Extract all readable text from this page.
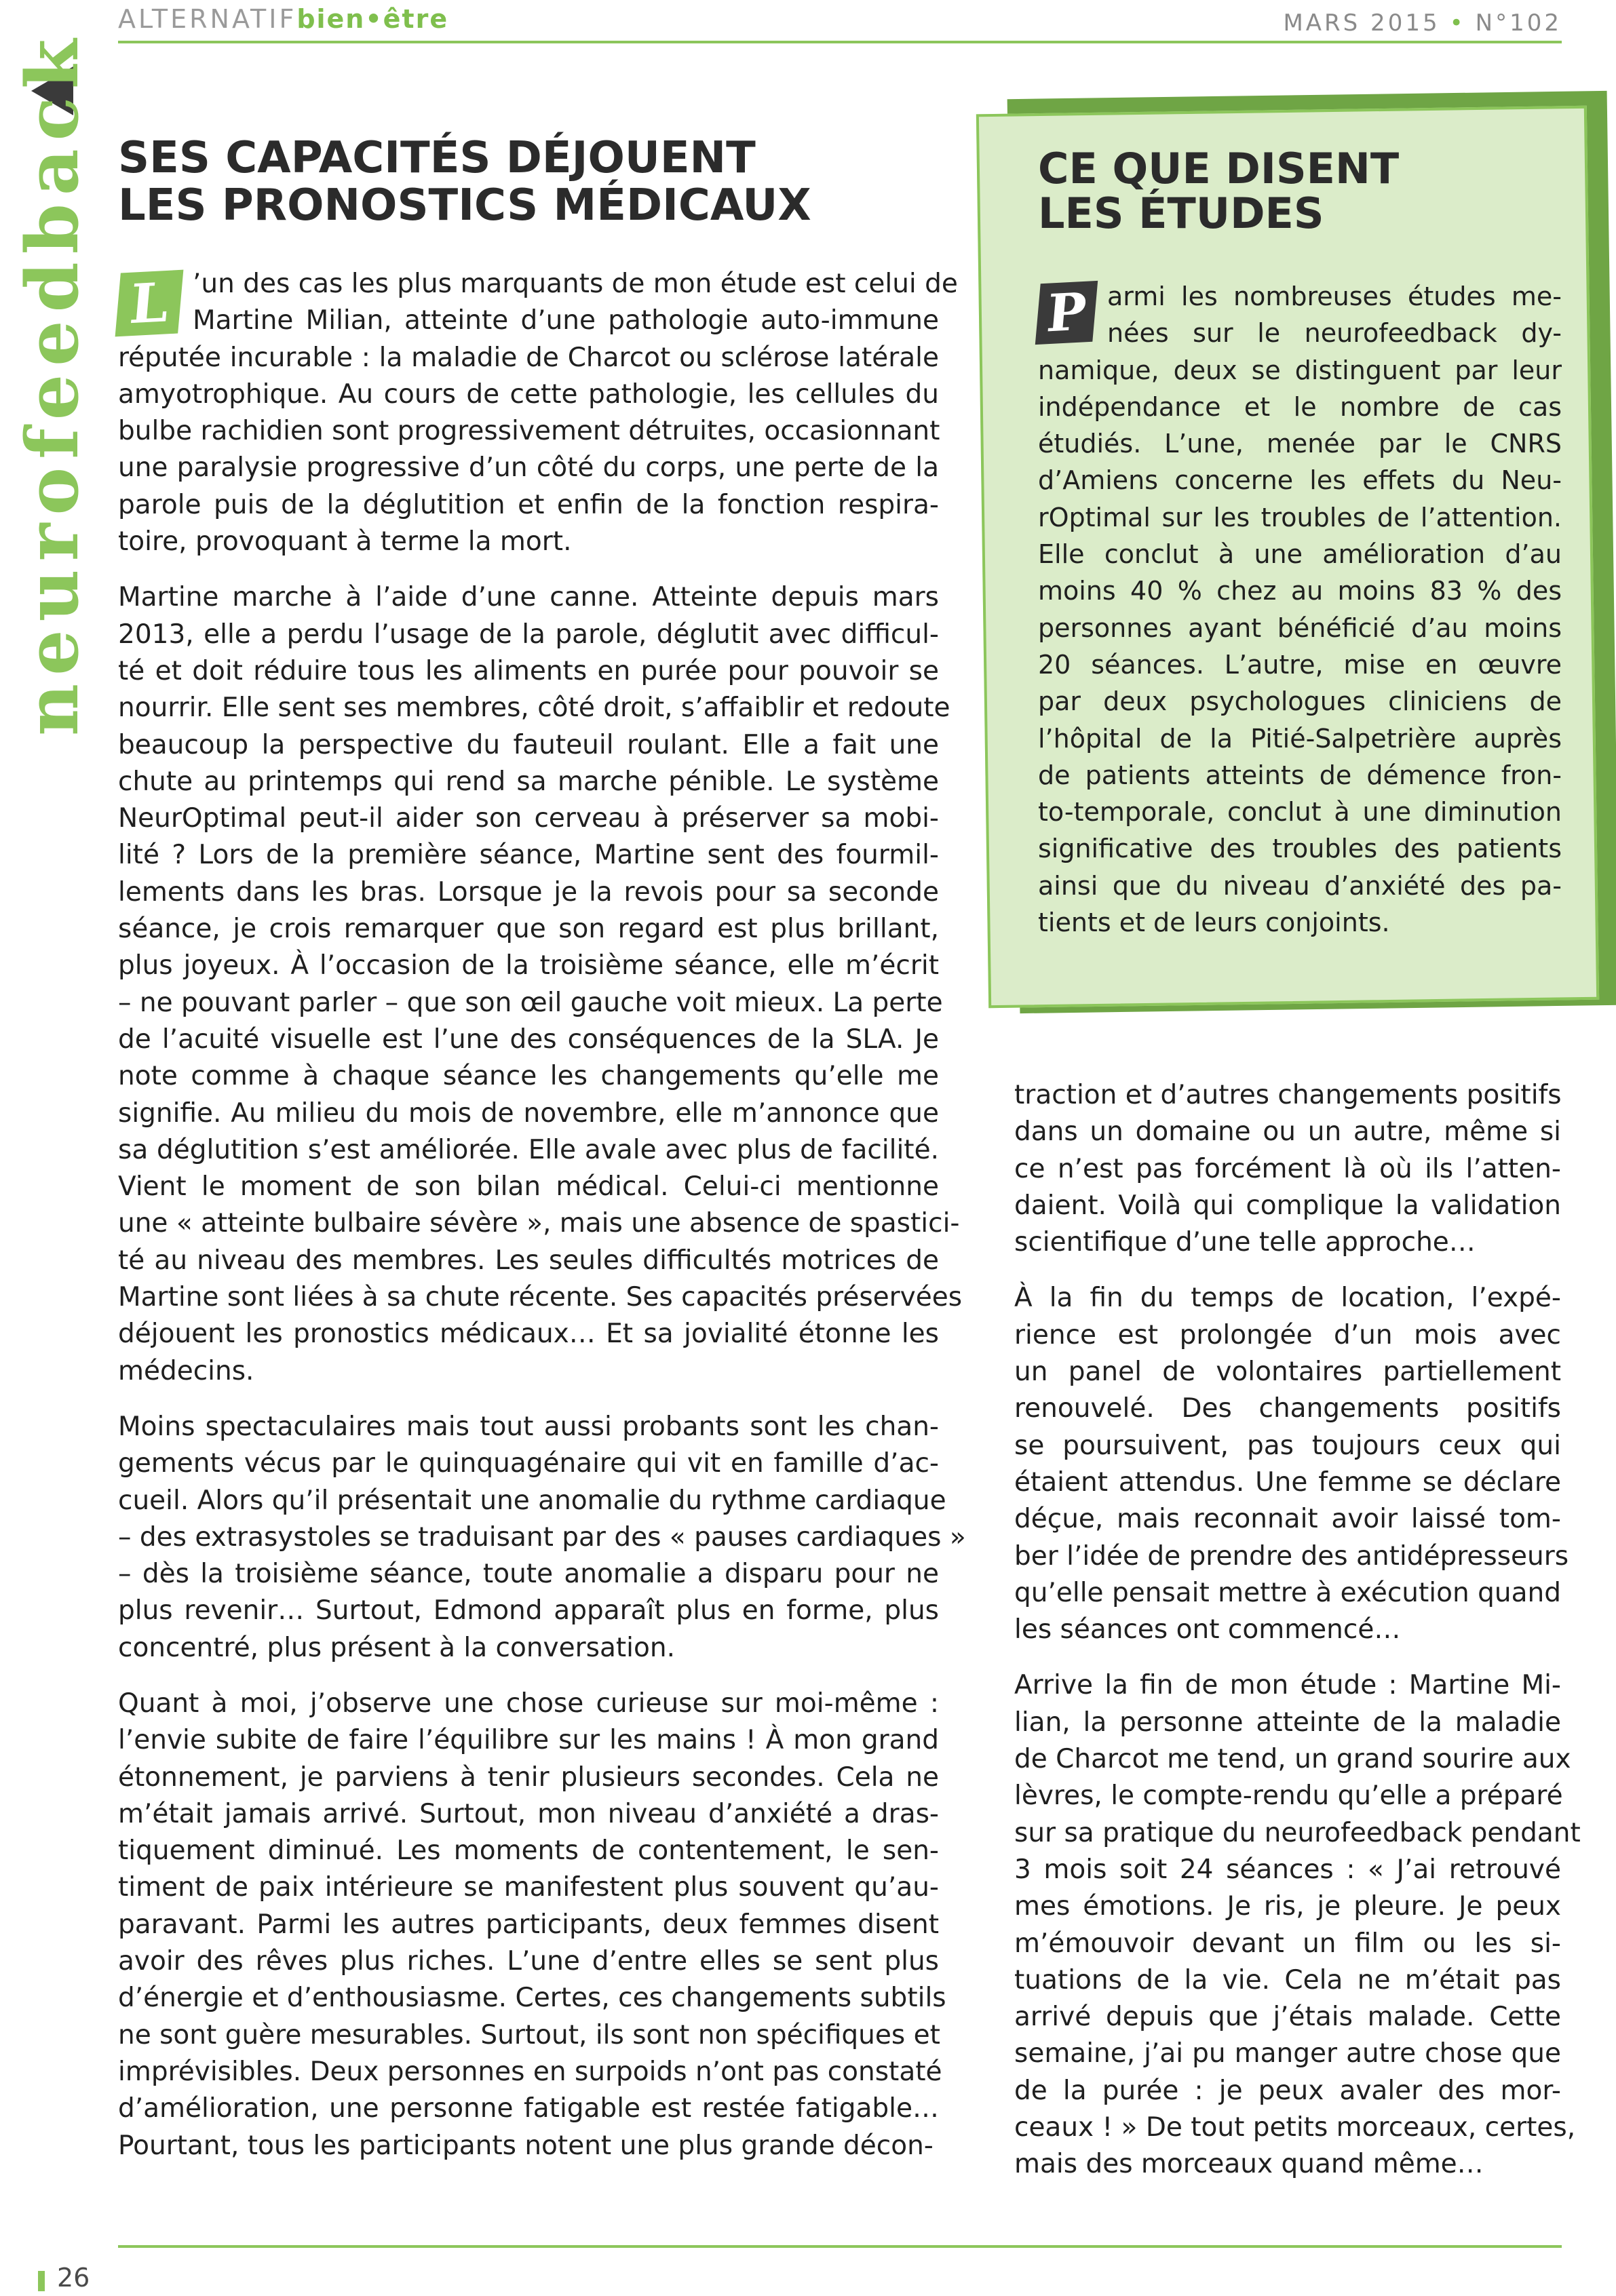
ALTERNATIFbien•être	MARS 2015 • N°102
neurofeedback SES CAPACITÉS DÉJOUENT
LES PRONOSTICS MÉDICAUX

L ’un des cas les plus marquants de mon étude est celui de
Martine Milian, atteinte d’une pathologie auto-immune
réputée incurable : la maladie de Charcot ou sclérose latérale
amyotrophique. Au cours de cette pathologie, les cellules du
bulbe rachidien sont progressivement détruites, occasionnant
une paralysie progressive d’un côté du corps, une perte de la
parole puis de la déglutition et enfin de la fonction respira-
toire, provoquant à terme la mort.

Martine marche à l’aide d’une canne. Atteinte depuis mars
2013, elle a perdu l’usage de la parole, déglutit avec difficul-
té et doit réduire tous les aliments en purée pour pouvoir se
nourrir. Elle sent ses membres, côté droit, s’affaiblir et redoute
beaucoup la perspective du fauteuil roulant. Elle a fait une
chute au printemps qui rend sa marche pénible. Le système
NeurOptimal peut-il aider son cerveau à préserver sa mobi-
lité ? Lors de la première séance, Martine sent des fourmil-
lements dans les bras. Lorsque je la revois pour sa seconde
séance, je crois remarquer que son regard est plus brillant,
plus joyeux. À l’occasion de la troisième séance, elle m’écrit
– ne pouvant parler – que son œil gauche voit mieux. La perte
de l’acuité visuelle est l’une des conséquences de la SLA. Je
note comme à chaque séance les changements qu’elle me
signifie. Au milieu du mois de novembre, elle m’annonce que
sa déglutition s’est améliorée. Elle avale avec plus de facilité.
Vient le moment de son bilan médical. Celui-ci mentionne
une « atteinte bulbaire sévère », mais une absence de spastici-
té au niveau des membres. Les seules difficultés motrices de
Martine sont liées à sa chute récente. Ses capacités préservées
déjouent les pronostics médicaux… Et sa jovialité étonne les
médecins.

Moins spectaculaires mais tout aussi probants sont les chan-
gements vécus par le quinquagénaire qui vit en famille d’ac-
cueil. Alors qu’il présentait une anomalie du rythme cardiaque
– des extrasystoles se traduisant par des « pauses cardiaques »
– dès la troisième séance, toute anomalie a disparu pour ne
plus revenir… Surtout, Edmond apparaît plus en forme, plus
concentré, plus présent à la conversation.

Quant à moi, j’observe une chose curieuse sur moi-même :
l’envie subite de faire l’équilibre sur les mains ! À mon grand
étonnement, je parviens à tenir plusieurs secondes. Cela ne
m’était jamais arrivé. Surtout, mon niveau d’anxiété a dras-
tiquement diminué. Les moments de contentement, le sen-
timent de paix intérieure se manifestent plus souvent qu’au-
paravant. Parmi les autres participants, deux femmes disent
avoir des rêves plus riches. L’une d’entre elles se sent plus
d’énergie et d’enthousiasme. Certes, ces changements subtils
ne sont guère mesurables. Surtout, ils sont non spécifiques et
imprévisibles. Deux personnes en surpoids n’ont pas constaté
d’amélioration, une personne fatigable est restée fatigable…
Pourtant, tous les participants notent une plus grande décon-

CE QUE DISENT
LES ÉTUDES
P armi les nombreuses études me-
nées sur le neurofeedback dy-
namique, deux se distinguent par leur
indépendance et le nombre de cas
étudiés. L’une, menée par le CNRS
d’Amiens concerne les effets du Neu-
rOptimal sur les troubles de l’attention.
Elle conclut à une amélioration d’au
moins 40 % chez au moins 83 % des
personnes ayant bénéficié d’au moins
20 séances. L’autre, mise en œuvre
par deux psychologues cliniciens de
l’hôpital de la Pitié-Salpetrière auprès
de patients atteints de démence fron-
to-temporale, conclut à une diminution
significative des troubles des patients
ainsi que du niveau d’anxiété des pa-
tients et de leurs conjoints.

traction et d’autres changements positifs
dans un domaine ou un autre, même si
ce n’est pas forcément là où ils l’atten-
daient. Voilà qui complique la validation
scientifique d’une telle approche…

À la fin du temps de location, l’expé-
rience est prolongée d’un mois avec
un panel de volontaires partiellement
renouvelé. Des changements positifs
se poursuivent, pas toujours ceux qui
étaient attendus. Une femme se déclare
déçue, mais reconnait avoir laissé tom-
ber l’idée de prendre des antidépresseurs
qu’elle pensait mettre à exécution quand
les séances ont commencé…

Arrive la fin de mon étude : Martine Mi-
lian, la personne atteinte de la maladie
de Charcot me tend, un grand sourire aux
lèvres, le compte-rendu qu’elle a préparé
sur sa pratique du neurofeedback pendant
3 mois soit 24 séances : « J’ai retrouvé
mes émotions. Je ris, je pleure. Je peux
m’émouvoir devant un film ou les si-
tuations de la vie. Cela ne m’était pas
arrivé depuis que j’étais malade. Cette
semaine, j’ai pu manger autre chose que
de la purée : je peux avaler des mor-
ceaux ! » De tout petits morceaux, certes,
mais des morceaux quand même…

26
